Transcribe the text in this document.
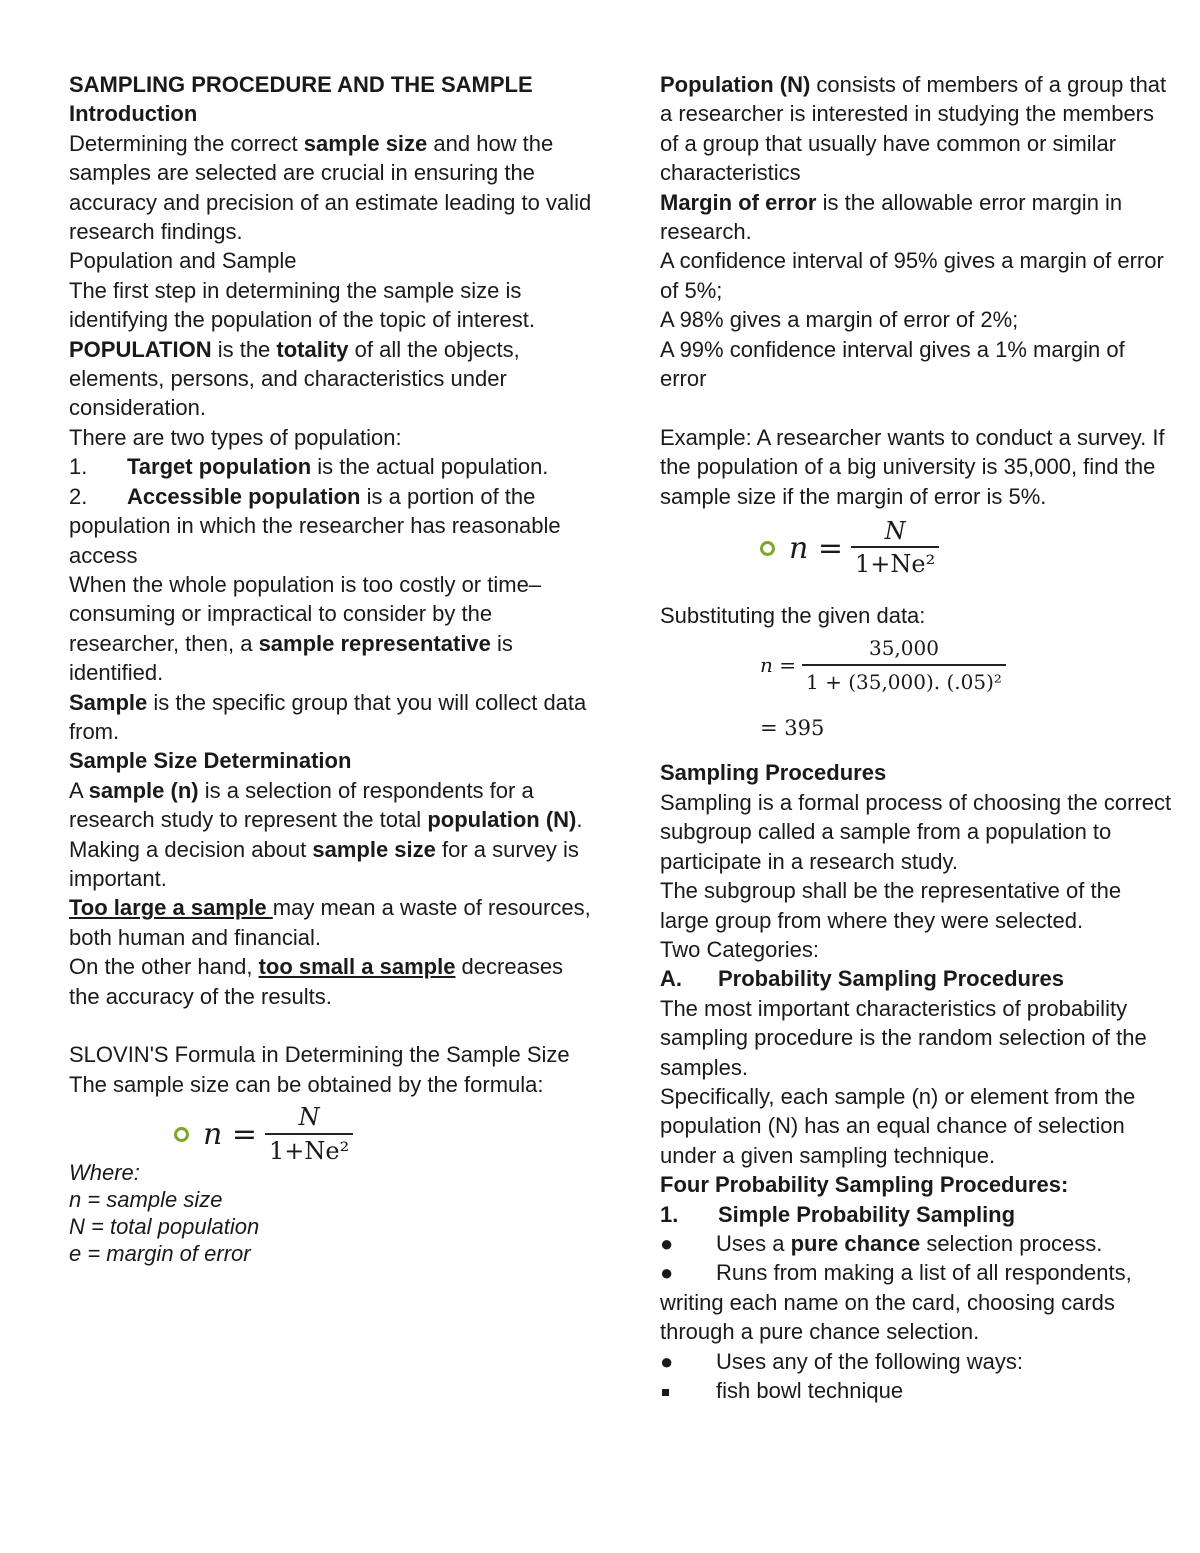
SAMPLING PROCEDURE AND THE SAMPLE

Introduction

Determining the correct sample size and how the samples are selected are crucial in ensuring the accuracy and precision of an estimate leading to valid research findings.

Population and Sample

The first step in determining the sample size is identifying the population of the topic of interest.

POPULATION is the totality of all the objects, elements, persons, and characteristics under consideration.

There are two types of population:

1. Target population is the actual population.

2. Accessible population is a portion of the population in which the researcher has reasonable access

When the whole population is too costly or time–consuming or impractical to consider by the researcher, then, a sample representative is identified.

Sample is the specific group that you will collect data from.

Sample Size Determination

A sample (n) is a selection of respondents for a research study to represent the total population (N).

Making a decision about sample size for a survey is important.

Too large a sample may mean a waste of resources, both human and financial.

On the other hand, too small a sample decreases the accuracy of the results.

SLOVIN'S Formula in Determining the Sample Size

The sample size can be obtained by the formula:

$n = \frac{N}{\text{1+Ne²}}$

Where:

n = sample size

N = total population

e = margin of error

Population (N) consists of members of a group that a researcher is interested in studying the members of a group that usually have common or similar characteristics

Margin of error is the allowable error margin in research.

A confidence interval of 95% gives a margin of error of 5%;

A 98% gives a margin of error of 2%;

A 99% confidence interval gives a 1% margin of error

Example: A researcher wants to conduct a survey. If the population of a big university is 35,000, find the sample size if the margin of error is 5%.

$n = \frac{N}{\text{1+Ne²}}$

Substituting the given data:

$n = \frac{35,000}{\text{1 + (35,000). (.05)²}}$

= 395

Sampling Procedures

Sampling is a formal process of choosing the correct subgroup called a sample from a population to participate in a research study.

The subgroup shall be the representative of the large group from where they were selected.

Two Categories:

A. Probability Sampling Procedures

The most important characteristics of probability sampling procedure is the random selection of the samples.

Specifically, each sample (n) or element from the population (N) has an equal chance of selection under a given sampling technique.

Four Probability Sampling Procedures:

1. Simple Probability Sampling

● Uses a pure chance selection process.

● Runs from making a list of all respondents, writing each name on the card, choosing cards through a pure chance selection.

● Uses any of the following ways:

fish bowl technique
